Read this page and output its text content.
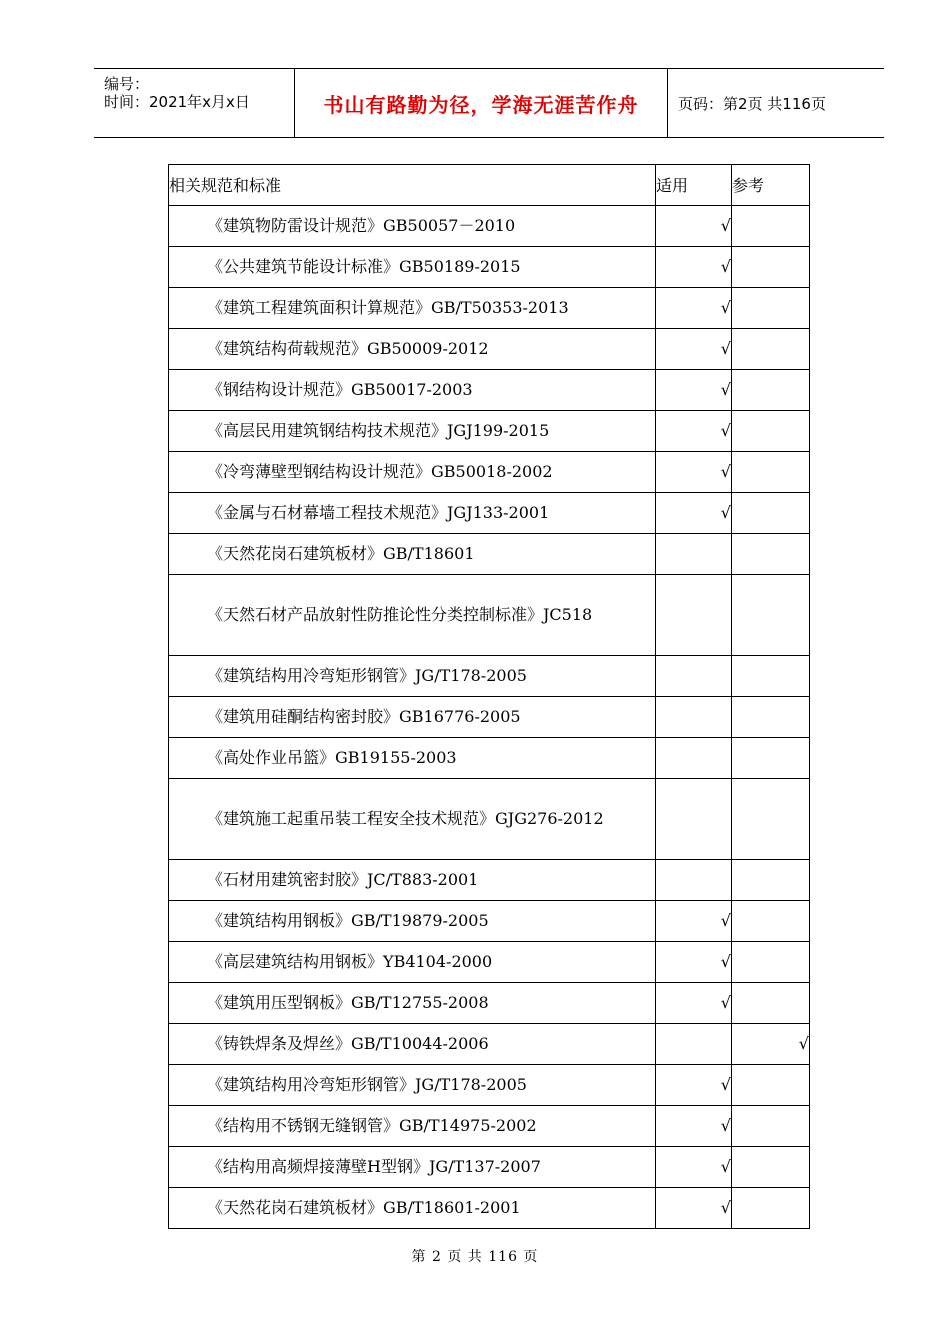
编号：
时间：2021年x月x日	书山有路勤为径，学海无涯苦作舟	页码：第2页 共116页
相关规范和标准	适用	参考

《建筑物防雷设计规范》GB50057－2010	√	

《公共建筑节能设计标准》GB50189-2015	√	

《建筑工程建筑面积计算规范》GB/T50353-2013	√	

《建筑结构荷载规范》GB50009-2012	√	

《钢结构设计规范》GB50017-2003	√	

《高层民用建筑钢结构技术规范》JGJ199-2015	√	

《冷弯薄壁型钢结构设计规范》GB50018-2002	√	

《金属与石材幕墙工程技术规范》JGJ133-2001	√	

《天然花岗石建筑板材》GB/T18601		

《天然石材产品放射性防推论性分类控制标准》JC518		

《建筑结构用冷弯矩形钢管》JG/T178-2005		

《建筑用硅酮结构密封胶》GB16776-2005		

《高处作业吊篮》GB19155-2003		

《建筑施工起重吊装工程安全技术规范》GJG276-2012		

《石材用建筑密封胶》JC/T883-2001		

《建筑结构用钢板》GB/T19879-2005	√	

《高层建筑结构用钢板》YB4104-2000	√	

《建筑用压型钢板》GB/T12755-2008	√	

《铸铁焊条及焊丝》GB/T10044-2006		√

《建筑结构用冷弯矩形钢管》JG/T178-2005	√	

《结构用不锈钢无缝钢管》GB/T14975-2002	√	

《结构用高频焊接薄壁H型钢》JG/T137-2007	√	

《天然花岗石建筑板材》GB/T18601-2001	√	
第 2 页 共 116 页
